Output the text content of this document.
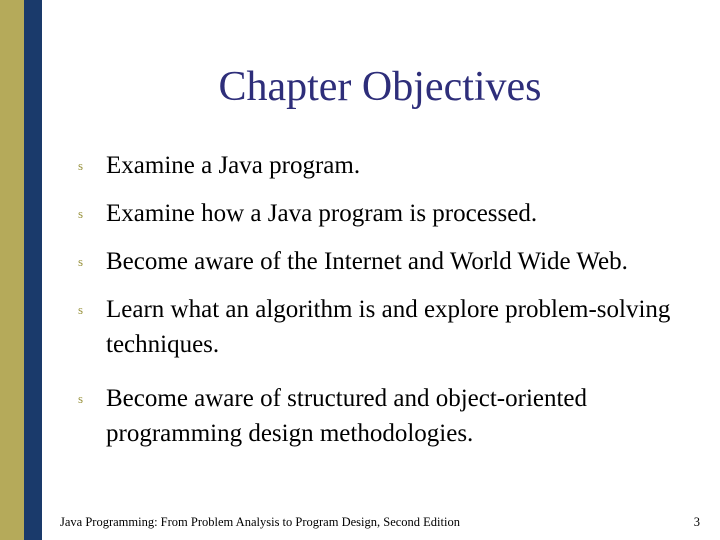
Chapter Objectives
s Examine a Java program.
s Examine how a Java program is processed.
s Become aware of the Internet and World Wide Web.
s Learn what an algorithm is and explore problem-solving techniques.
s Become aware of structured and object-oriented programming design methodologies.
Java Programming: From Problem Analysis to Program Design, Second Edition	3
